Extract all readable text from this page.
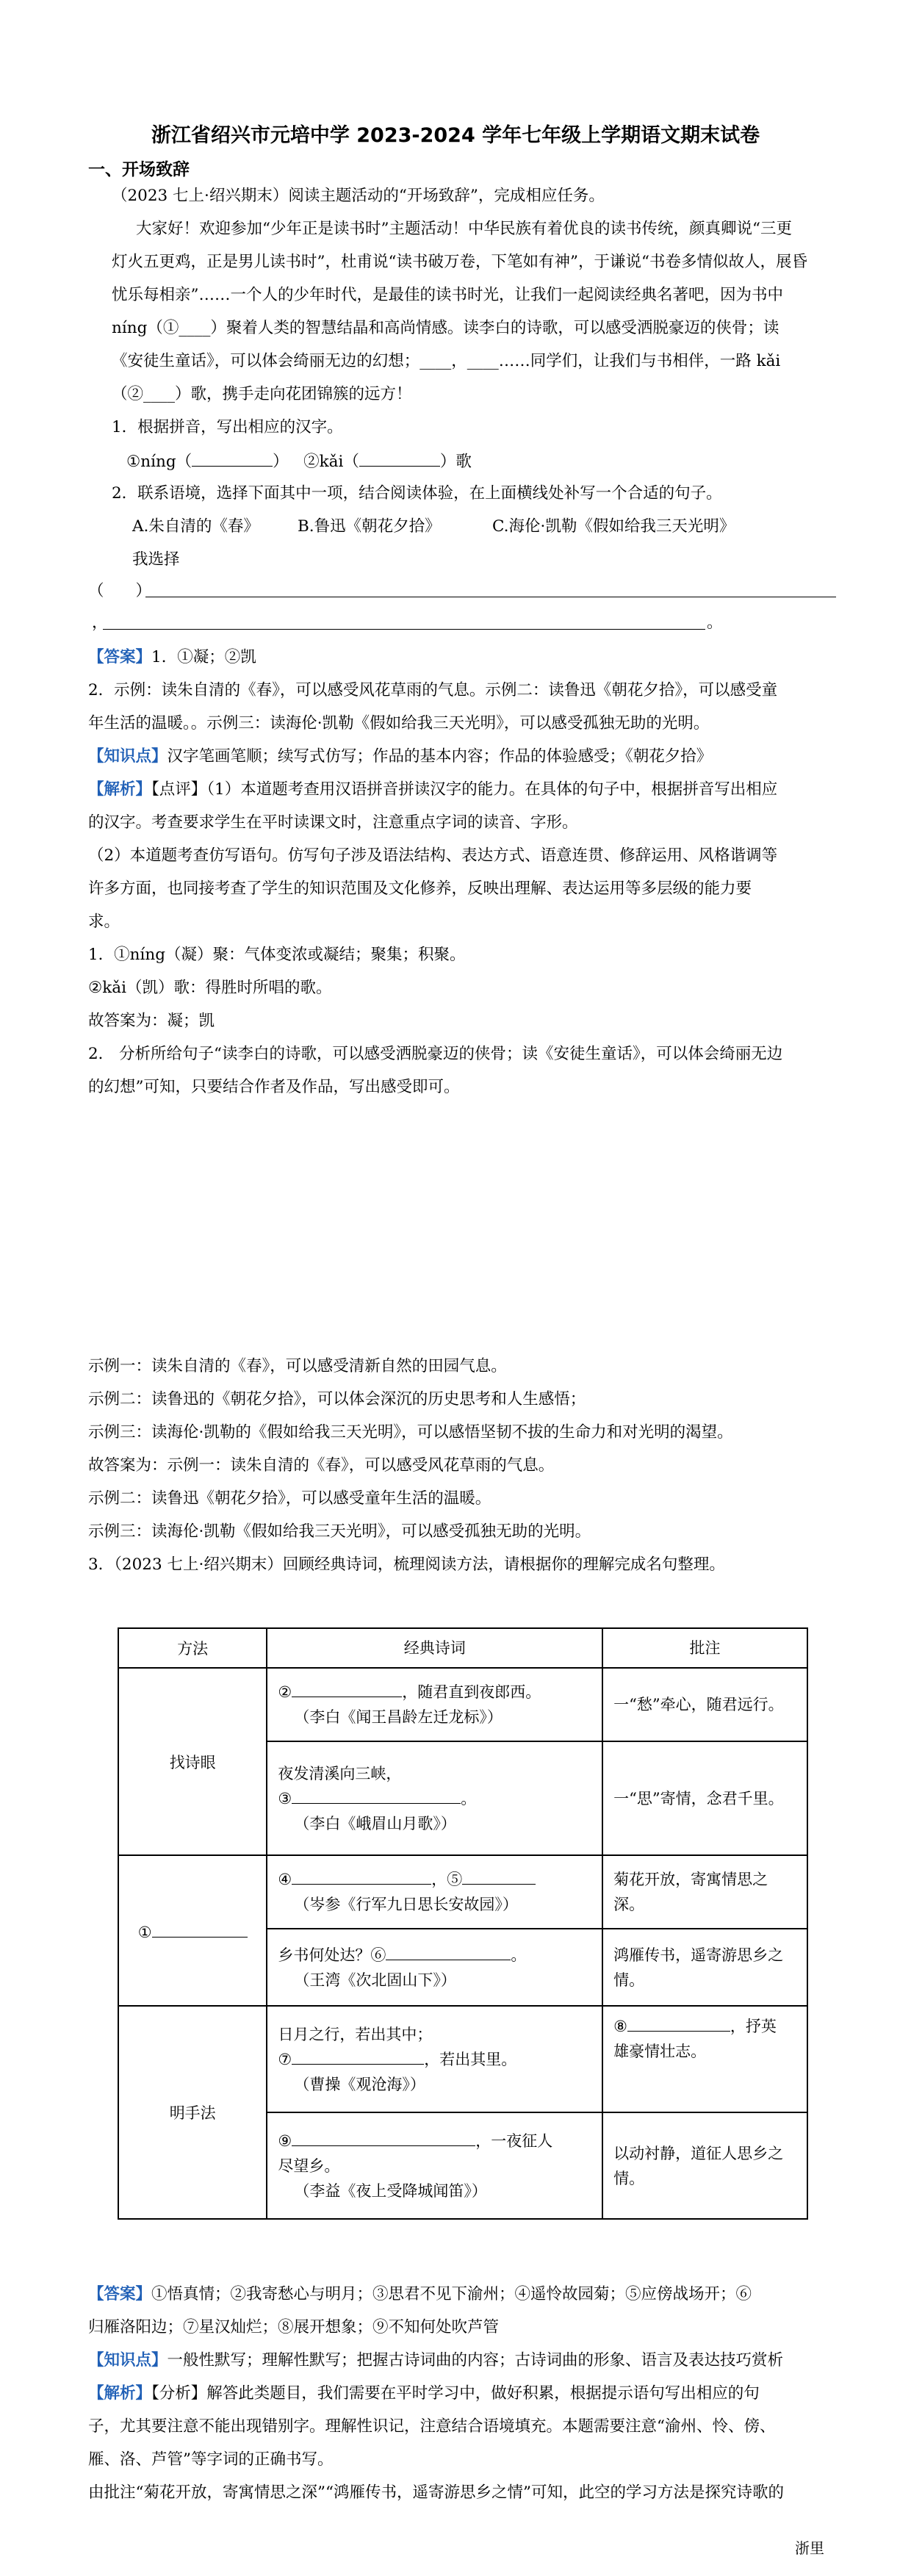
浙江省绍兴市元培中学 2023-2024 学年七年级上学期语文期末试卷
一、开场致辞
（2023 七上·绍兴期末）阅读主题活动的“开场致辞”，完成相应任务。
大家好！欢迎参加“少年正是读书时”主题活动！中华民族有着优良的读书传统，颜真卿说“三更
灯火五更鸡，正是男儿读书时”，杜甫说“读书破万卷，下笔如有神”，于谦说“书卷多情似故人，展昏
忧乐每相亲”……一个人的少年时代，是最佳的读书时光，让我们一起阅读经典名著吧，因为书中
níng（①____）聚着人类的智慧结晶和高尚情感。读李白的诗歌，可以感受洒脱豪迈的侠骨；读
《安徒生童话》，可以体会绮丽无边的幻想；____，____……同学们，让我们与书相伴，一路 kǎi
（②____）歌，携手走向花团锦簇的远方！
1．根据拼音，写出相应的汉字。
①níng（	） ②kǎi（	）歌
2．联系语境，选择下面其中一项，结合阅读体验，在上面横线处补写一个合适的句子。
A.朱自清的《春》 B.鲁迅《朝花夕拾》	C.海伦·凯勒《假如给我三天光明》
我选择
（　　）
，	。
【答案】1．①凝；②凯
2．示例：读朱自清的《春》，可以感受风花草雨的气息。示例二：读鲁迅《朝花夕拾》，可以感受童
年生活的温暖。。示例三：读海伦·凯勒《假如给我三天光明》，可以感受孤独无助的光明。
【知识点】汉字笔画笔顺；续写式仿写；作品的基本内容；作品的体验感受；《朝花夕拾》
【解析】【点评】（1）本道题考查用汉语拼音拼读汉字的能力。在具体的句子中，根据拼音写出相应
的汉字。考查要求学生在平时读课文时，注意重点字词的读音、字形。
（2）本道题考查仿写语句。仿写句子涉及语法结构、表达方式、语意连贯、修辞运用、风格谐调等
许多方面，也同接考查了学生的知识范围及文化修养，反映出理解、表达运用等多层级的能力要
求。
1．①níng（凝）聚：气体变浓或凝结；聚集；积聚。
②kǎi（凯）歌：得胜时所唱的歌。
故答案为：凝；凯
2． 分析所给句子“读李白的诗歌，可以感受洒脱豪迈的侠骨；读《安徒生童话》，可以体会绮丽无边
的幻想”可知，只要结合作者及作品，写出感受即可。
示例一：读朱自清的《春》，可以感受清新自然的田园气息。
示例二：读鲁迅的《朝花夕拾》，可以体会深沉的历史思考和人生感悟；
示例三：读海伦·凯勒的《假如给我三天光明》，可以感悟坚韧不拔的生命力和对光明的渴望。
故答案为：示例一：读朱自清的《春》，可以感受风花草雨的气息。
示例二：读鲁迅《朝花夕拾》，可以感受童年生活的温暖。
示例三：读海伦·凯勒《假如给我三天光明》，可以感受孤独无助的光明。
3．（2023 七上·绍兴期末）回顾经典诗词，梳理阅读方法，请根据你的理解完成名句整理。
方法	经典诗词	批注
找诗眼	② ，随君直到夜郎西。
（李白《闻王昌龄左迁龙标》）	一“愁”牵心，随君远行。

	夜发清溪向三峡，
③ 。
（李白《峨眉山月歌》）	一“思”寄情，念君千里。
①	④ ，⑤
（岑参《行军九日思长安故园》）	菊花开放，寄寓情思之深。

	乡书何处达？⑥ 。
（王湾《次北固山下》）	鸿雁传书，遥寄游思乡之
情。

明手法	日月之行，若出其中；
⑦ ，若出其里。
（曹操《观沧海》）	⑧ ，抒英
雄豪情壮志。

	⑨ ，一夜征人
尽望乡。
（李益《夜上受降城闻笛》）	以动衬静，道征人思乡之
情。
【答案】①悟真情；②我寄愁心与明月；③思君不见下渝州；④遥怜故园菊；⑤应傍战场开；⑥
归雁洛阳边；⑦星汉灿烂；⑧展开想象；⑨不知何处吹芦管
【知识点】一般性默写；理解性默写；把握古诗词曲的内容；古诗词曲的形象、语言及表达技巧赏析
【解析】【分析】解答此类题目，我们需要在平时学习中，做好积累，根据提示语句写出相应的句
子，尤其要注意不能出现错别字。理解性识记，注意结合语境填充。本题需要注意“渝州、怜、傍、
雁、洛、芦管”等字词的正确书写。
由批注“菊花开放，寄寓情思之深”“鸿雁传书，遥寄游思乡之情”可知，此空的学习方法是探究诗歌的
浙里
